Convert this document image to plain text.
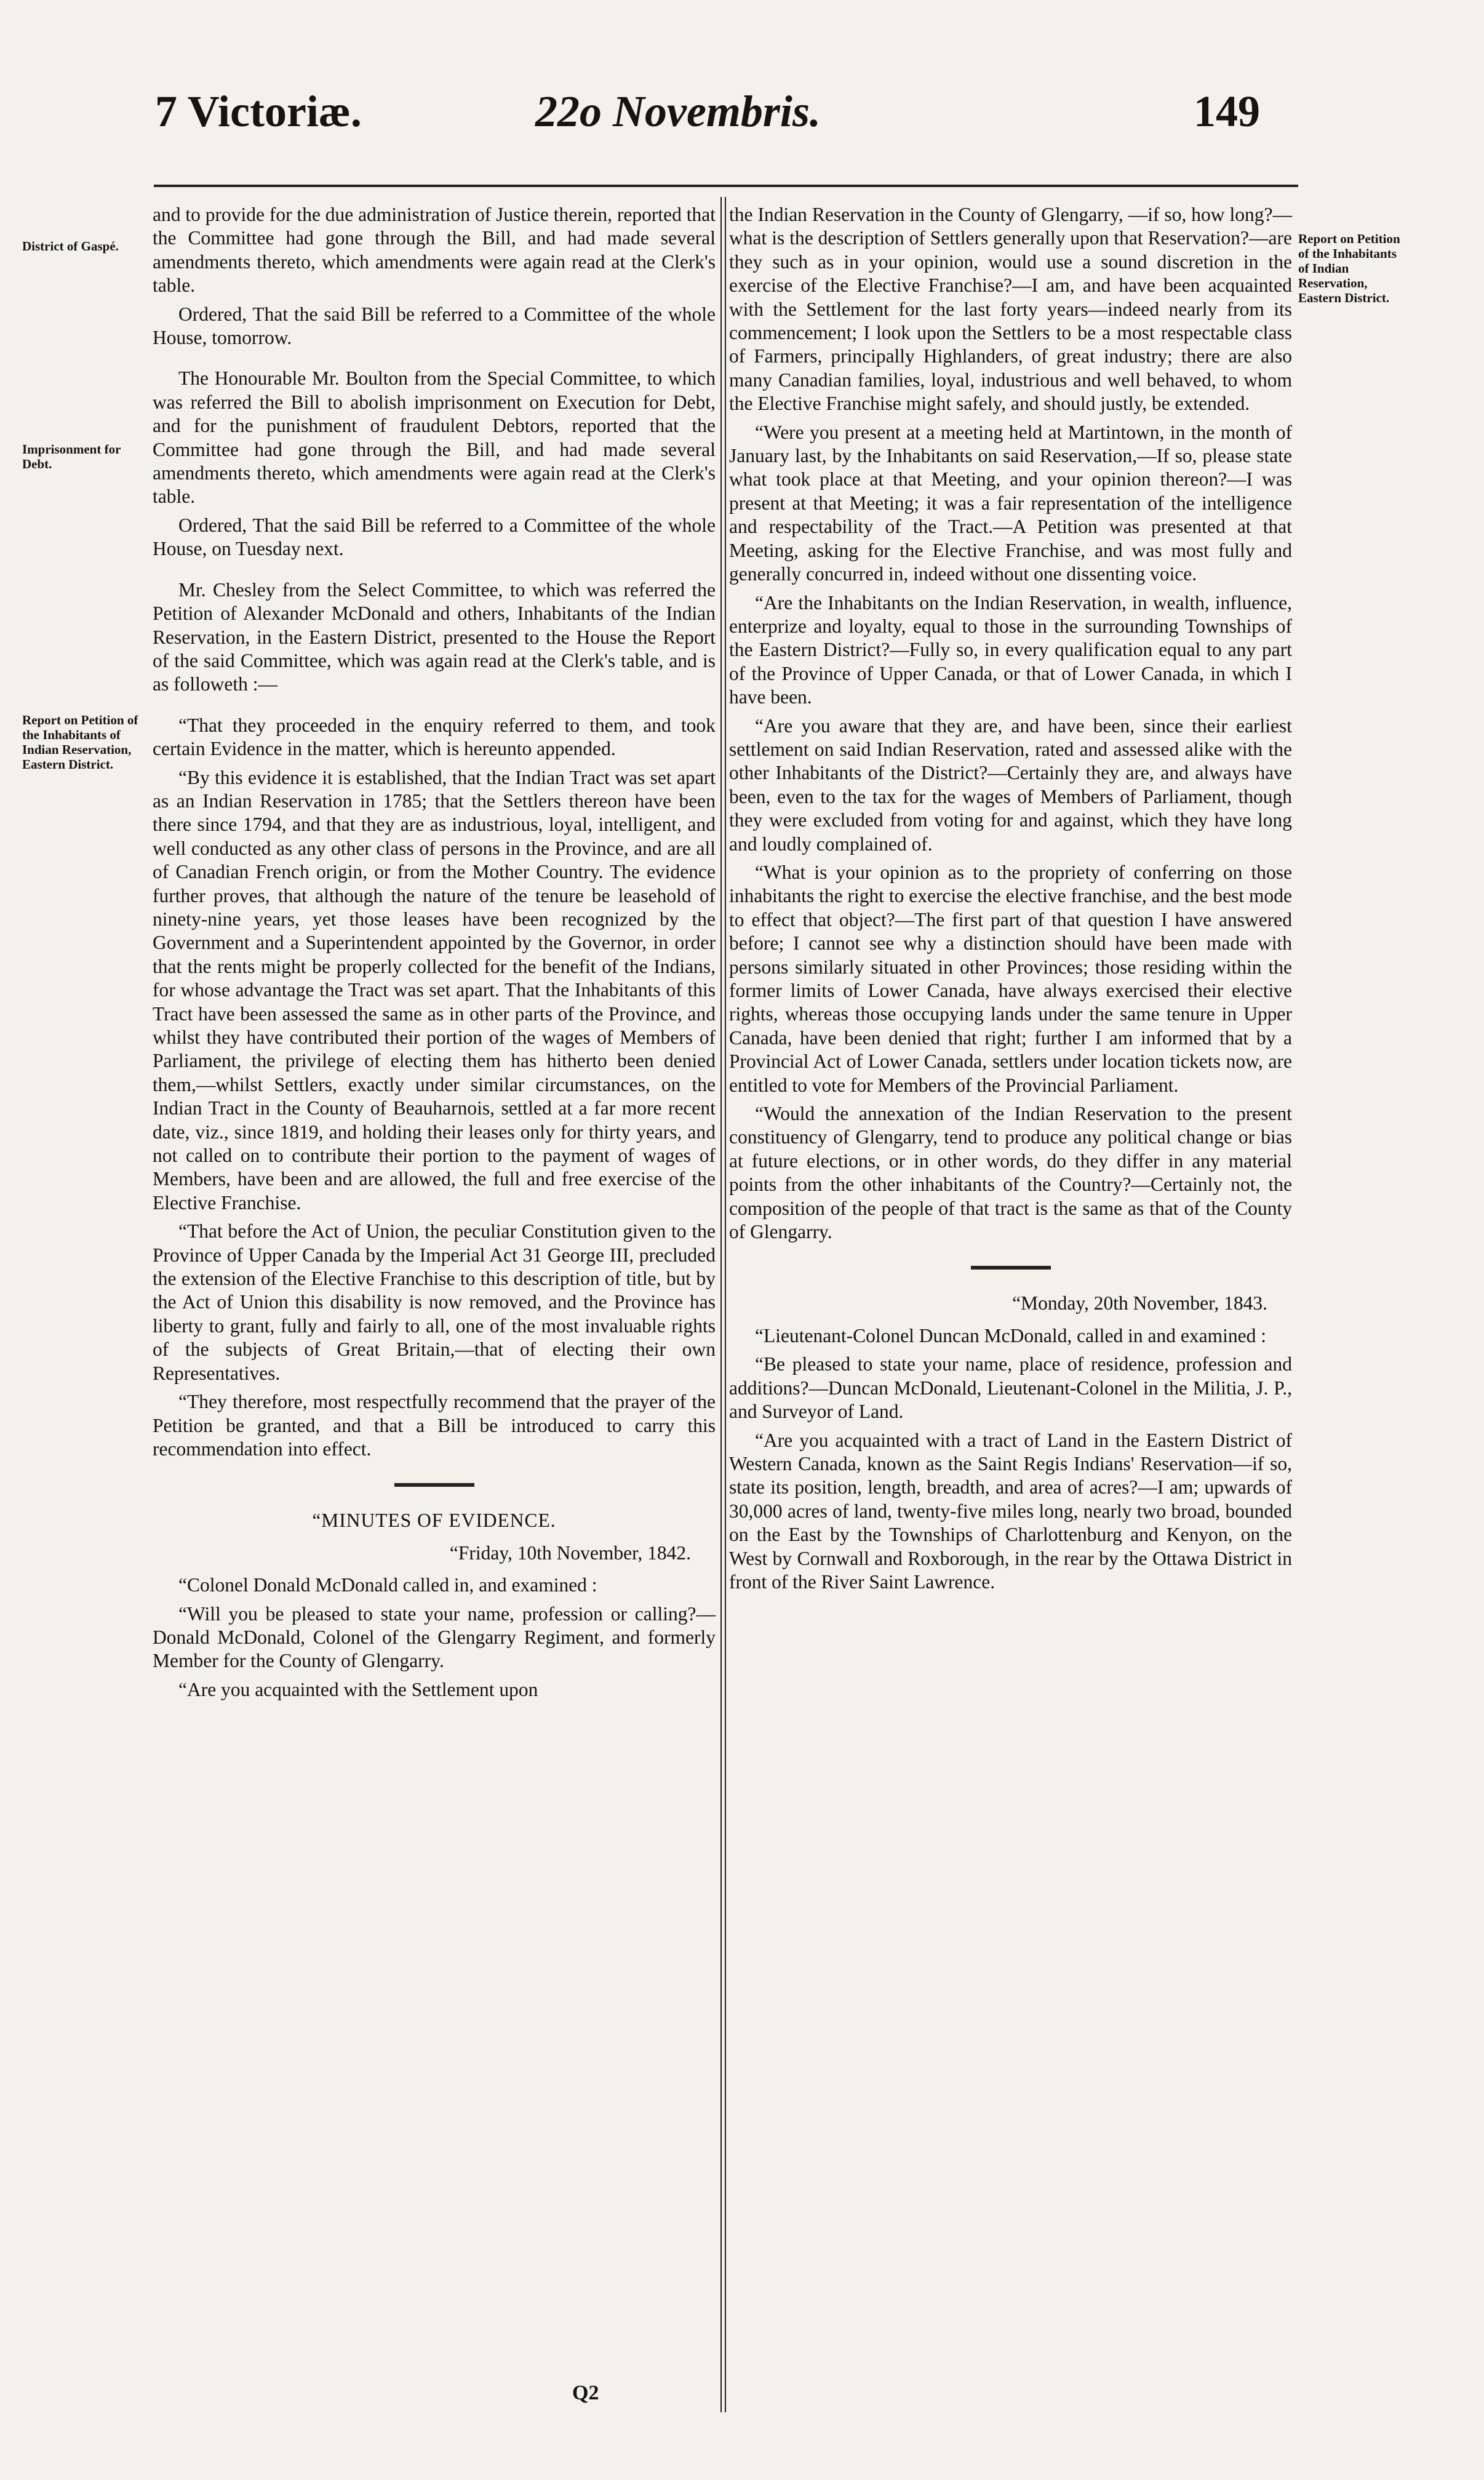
7 Victoriæ.	22o Novembris.	149
District of Gaspé.
Imprisonment for Debt.
Report on Petition of the Inhabitants of Indian Reservation, Eastern District.
Report on Petition of the Inhabitants of Indian Reservation, Eastern District.

and to provide for the due administration of Justice therein, reported that the Committee had gone through the Bill, and had made several amendments thereto, which amendments were again read at the Clerk's table.

Ordered, That the said Bill be referred to a Committee of the whole House, tomorrow.

The Honourable Mr. Boulton from the Special Committee, to which was referred the Bill to abolish imprisonment on Execution for Debt, and for the punishment of fraudulent Debtors, reported that the Committee had gone through the Bill, and had made several amendments thereto, which amendments were again read at the Clerk's table.

Ordered, That the said Bill be referred to a Committee of the whole House, on Tuesday next.

Mr. Chesley from the Select Committee, to which was referred the Petition of Alexander McDonald and others, Inhabitants of the Indian Reservation, in the Eastern District, presented to the House the Report of the said Committee, which was again read at the Clerk's table, and is as followeth :—

“That they proceeded in the enquiry referred to them, and took certain Evidence in the matter, which is hereunto appended.

“By this evidence it is established, that the Indian Tract was set apart as an Indian Reservation in 1785; that the Settlers thereon have been there since 1794, and that they are as industrious, loyal, intelligent, and well conducted as any other class of persons in the Province, and are all of Canadian French origin, or from the Mother Country. The evidence further proves, that although the nature of the tenure be leasehold of ninety-nine years, yet those leases have been recognized by the Government and a Superintendent appointed by the Governor, in order that the rents might be properly collected for the benefit of the Indians, for whose advantage the Tract was set apart. That the Inhabitants of this Tract have been assessed the same as in other parts of the Province, and whilst they have contributed their portion of the wages of Members of Parliament, the privilege of electing them has hitherto been denied them,—whilst Settlers, exactly under similar circumstances, on the Indian Tract in the County of Beauharnois, settled at a far more recent date, viz., since 1819, and holding their leases only for thirty years, and not called on to contribute their portion to the payment of wages of Members, have been and are allowed, the full and free exercise of the Elective Franchise.

“That before the Act of Union, the peculiar Constitution given to the Province of Upper Canada by the Imperial Act 31 George III, precluded the extension of the Elective Franchise to this description of title, but by the Act of Union this disability is now removed, and the Province has liberty to grant, fully and fairly to all, one of the most invaluable rights of the subjects of Great Britain,—that of electing their own Representatives.

“They therefore, most respectfully recommend that the prayer of the Petition be granted, and that a Bill be introduced to carry this recommendation into effect.

“MINUTES OF EVIDENCE.

“Friday, 10th November, 1842.

“Colonel Donald McDonald called in, and examined :

“Will you be pleased to state your name, profession or calling?—Donald McDonald, Colonel of the Glengarry Regiment, and formerly Member for the County of Glengarry.

“Are you acquainted with the Settlement upon

the Indian Reservation in the County of Glengarry, —if so, how long?—what is the description of Settlers generally upon that Reservation?—are they such as in your opinion, would use a sound discretion in the exercise of the Elective Franchise?—I am, and have been acquainted with the Settlement for the last forty years—indeed nearly from its commencement; I look upon the Settlers to be a most respectable class of Farmers, principally Highlanders, of great industry; there are also many Canadian families, loyal, industrious and well behaved, to whom the Elective Franchise might safely, and should justly, be extended.

“Were you present at a meeting held at Martintown, in the month of January last, by the Inhabitants on said Reservation,—If so, please state what took place at that Meeting, and your opinion thereon?—I was present at that Meeting; it was a fair representation of the intelligence and respectability of the Tract.—A Petition was presented at that Meeting, asking for the Elective Franchise, and was most fully and generally concurred in, indeed without one dissenting voice.

“Are the Inhabitants on the Indian Reservation, in wealth, influence, enterprize and loyalty, equal to those in the surrounding Townships of the Eastern District?—Fully so, in every qualification equal to any part of the Province of Upper Canada, or that of Lower Canada, in which I have been.

“Are you aware that they are, and have been, since their earliest settlement on said Indian Reservation, rated and assessed alike with the other Inhabitants of the District?—Certainly they are, and always have been, even to the tax for the wages of Members of Parliament, though they were excluded from voting for and against, which they have long and loudly complained of.

“What is your opinion as to the propriety of conferring on those inhabitants the right to exercise the elective franchise, and the best mode to effect that object?—The first part of that question I have answered before; I cannot see why a distinction should have been made with persons similarly situated in other Provinces; those residing within the former limits of Lower Canada, have always exercised their elective rights, whereas those occupying lands under the same tenure in Upper Canada, have been denied that right; further I am informed that by a Provincial Act of Lower Canada, settlers under location tickets now, are entitled to vote for Members of the Provincial Parliament.

“Would the annexation of the Indian Reservation to the present constituency of Glengarry, tend to produce any political change or bias at future elections, or in other words, do they differ in any material points from the other inhabitants of the Country?—Certainly not, the composition of the people of that tract is the same as that of the County of Glengarry.

“Monday, 20th November, 1843.

“Lieutenant-Colonel Duncan McDonald, called in and examined :

“Be pleased to state your name, place of residence, profession and additions?—Duncan McDonald, Lieutenant-Colonel in the Militia, J. P., and Surveyor of Land.

“Are you acquainted with a tract of Land in the Eastern District of Western Canada, known as the Saint Regis Indians' Reservation—if so, state its position, length, breadth, and area of acres?—I am; upwards of 30,000 acres of land, twenty-five miles long, nearly two broad, bounded on the East by the Townships of Charlottenburg and Kenyon, on the West by Cornwall and Roxborough, in the rear by the Ottawa District in front of the River Saint Lawrence.

Q2
